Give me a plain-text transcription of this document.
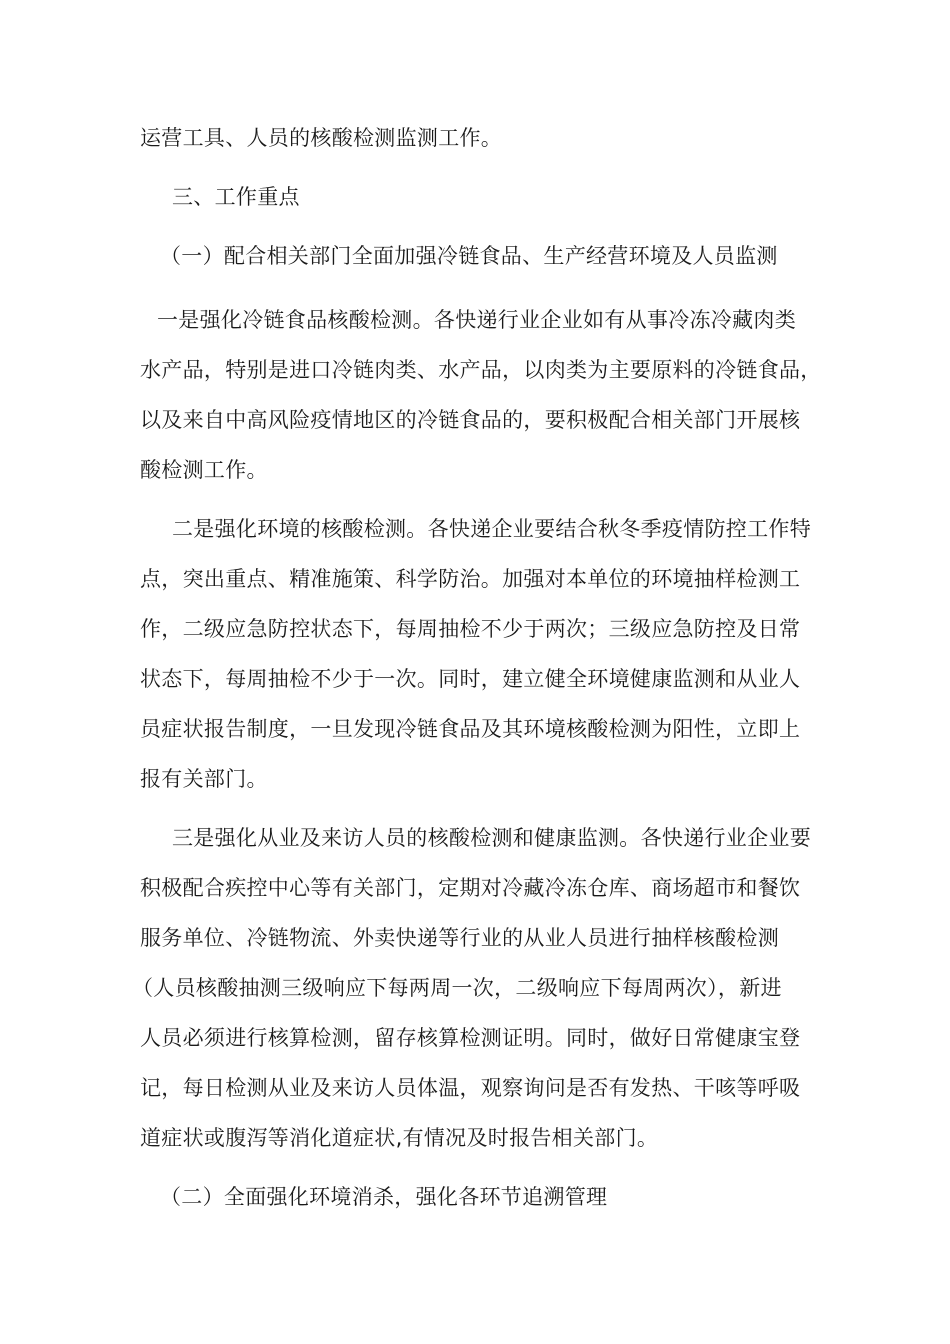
运营工具、人员的核酸检测监测工作。
三、工作重点
（一）配合相关部门全面加强冷链食品、生产经营环境及人员监测
一是强化冷链食品核酸检测。各快递行业企业如有从事冷冻冷藏肉类
水产品，特别是进口冷链肉类、水产品，以肉类为主要原料的冷链食品，
以及来自中高风险疫情地区的冷链食品的，要积极配合相关部门开展核
酸检测工作。
二是强化环境的核酸检测。各快递企业要结合秋冬季疫情防控工作特
点，突出重点、精准施策、科学防治。加强对本单位的环境抽样检测工
作，二级应急防控状态下，每周抽检不少于两次；三级应急防控及日常
状态下，每周抽检不少于一次。同时，建立健全环境健康监测和从业人
员症状报告制度，一旦发现冷链食品及其环境核酸检测为阳性，立即上
报有关部门。
三是强化从业及来访人员的核酸检测和健康监测。各快递行业企业要
积极配合疾控中心等有关部门，定期对冷藏冷冻仓库、商场超市和餐饮
服务单位、冷链物流、外卖快递等行业的从业人员进行抽样核酸检测
（人员核酸抽测三级响应下每两周一次，二级响应下每周两次），新进
人员必须进行核算检测，留存核算检测证明。同时，做好日常健康宝登
记，每日检测从业及来访人员体温，观察询问是否有发热、干咳等呼吸
道症状或腹泻等消化道症状,有情况及时报告相关部门。
（二）全面强化环境消杀，强化各环节追溯管理
